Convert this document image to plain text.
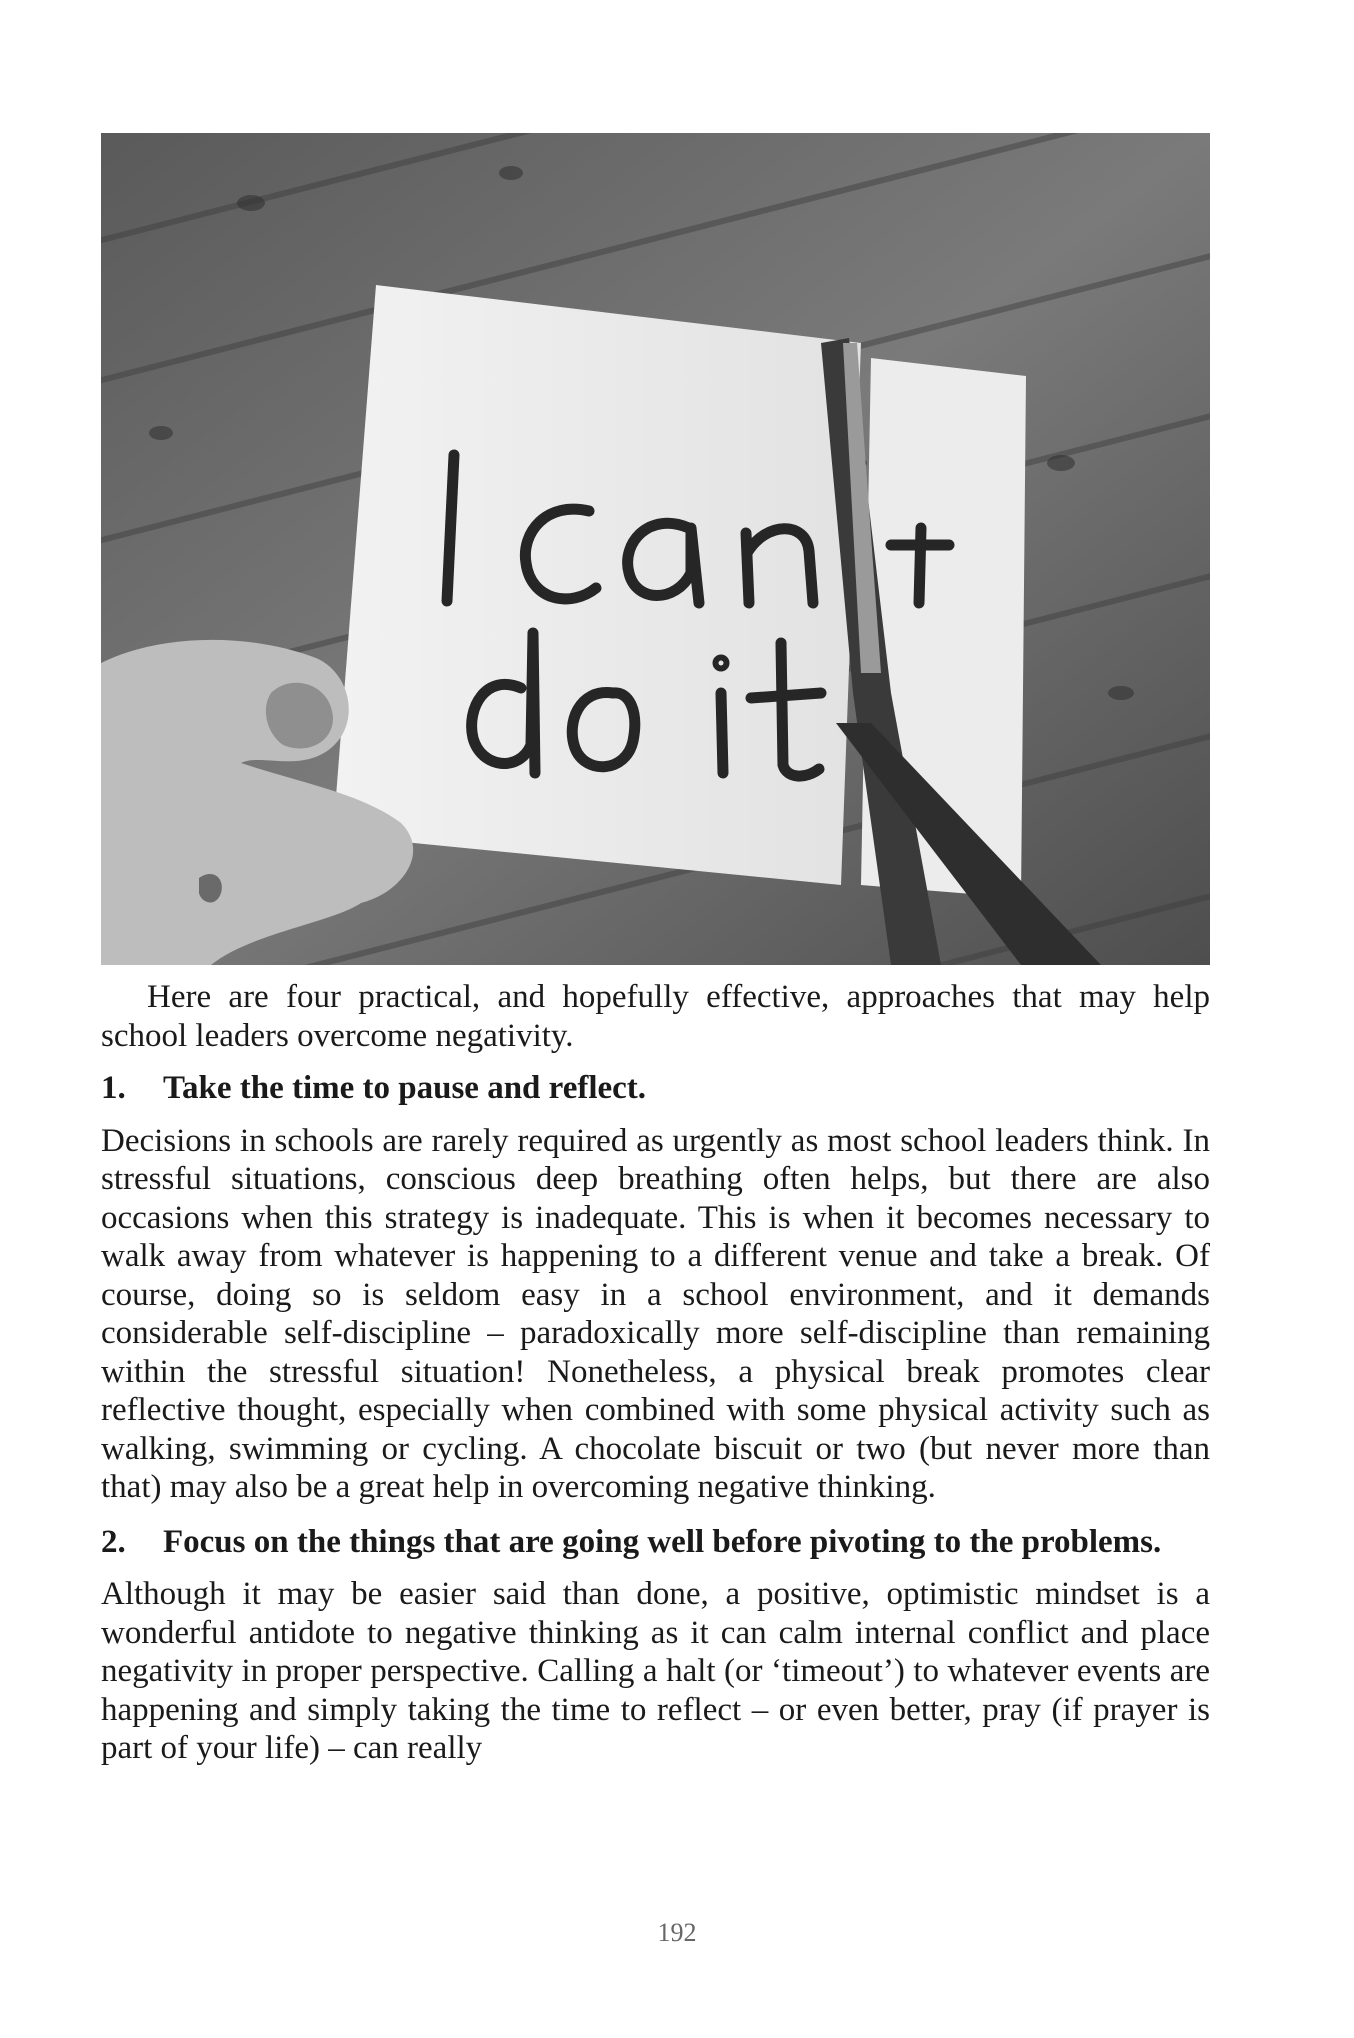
Here are four practical, and hopefully effective, approaches that may help school leaders overcome negativity.

1.	Take the time to pause and reflect.

Decisions in schools are rarely required as urgently as most school leaders think. In stressful situations, conscious deep breathing often helps, but there are also occasions when this strategy is inadequate. This is when it becomes necessary to walk away from whatever is happening to a different venue and take a break. Of course, doing so is seldom easy in a school environment, and it demands considerable self-discipline – paradoxically more self-discipline than remaining within the stressful situation! Nonetheless, a physical break promotes clear reflective thought, especially when combined with some physical activity such as walking, swimming or cycling. A chocolate biscuit or two (but never more than that) may also be a great help in overcoming negative thinking.

2.	Focus on the things that are going well before pivoting to the problems.

Although it may be easier said than done, a positive, optimistic mindset is a wonderful antidote to negative thinking as it can calm internal conflict and place negativity in proper perspective. Calling a halt (or ‘timeout’) to whatever events are happening and simply taking the time to reflect – or even better, pray (if prayer is part of your life) – can really

192
